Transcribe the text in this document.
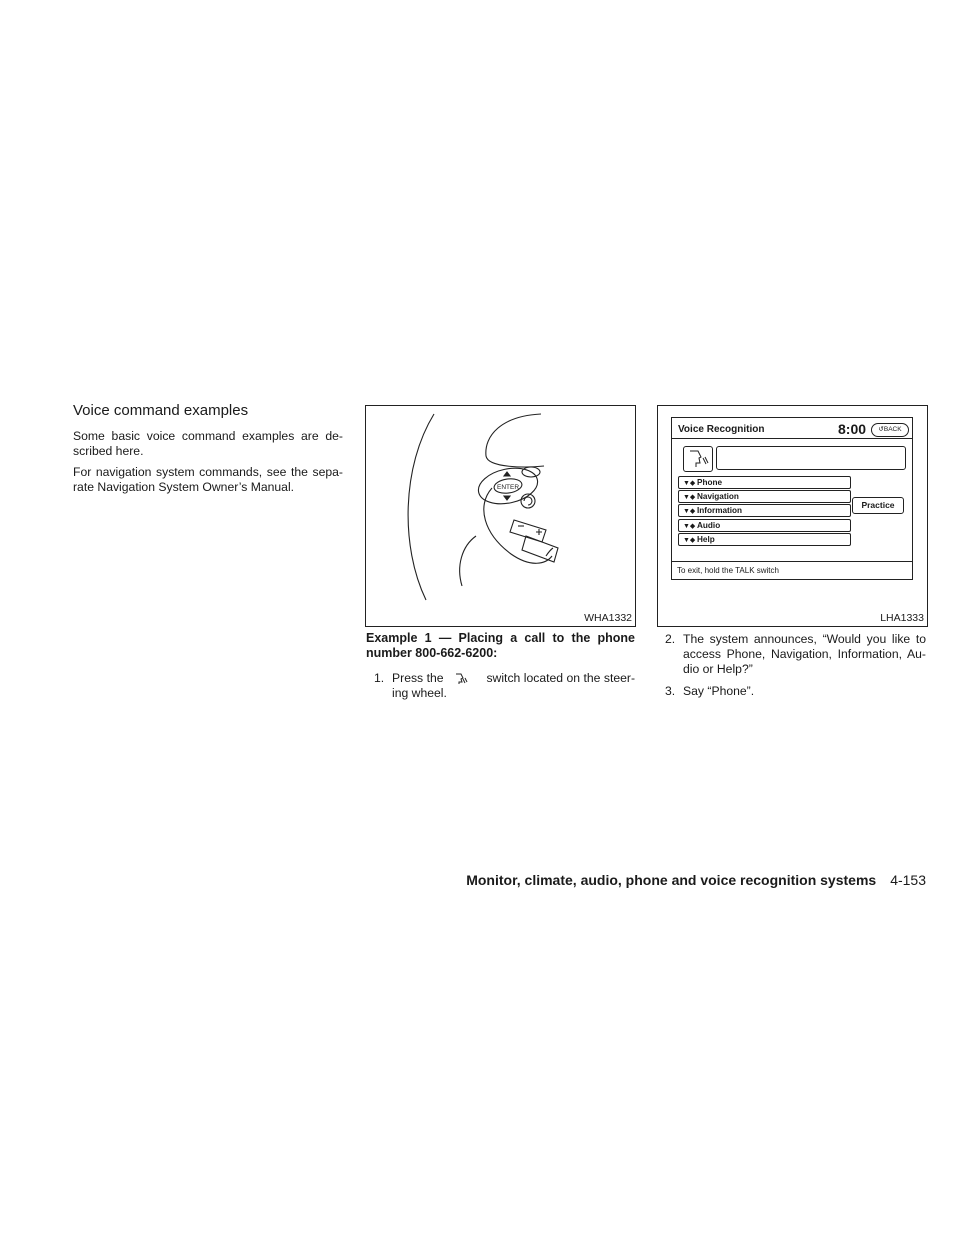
Voice command examples

Some basic voice command examples are de-scribed here.

For navigation system commands, see the sepa-rate Navigation System Owner’s Manual.	ENTER
WHA1332
Voice Recognition	8:00	↺BACK
▼◆ Phone
▼◆ Navigation
▼◆ Information
▼◆ Audio
▼◆ Help
Practice
To exit, hold the TALK switch
LHA1333

Example 1 — Placing a call to the phone number 800-662-6200:

1. Press the	switch located on the steer-ing wheel.
2. The system announces, “Would you like to access Phone, Navigation, Information, Au-dio or Help?”
3. Say “Phone”.
Monitor, climate, audio, phone and voice recognition systems 4-153
